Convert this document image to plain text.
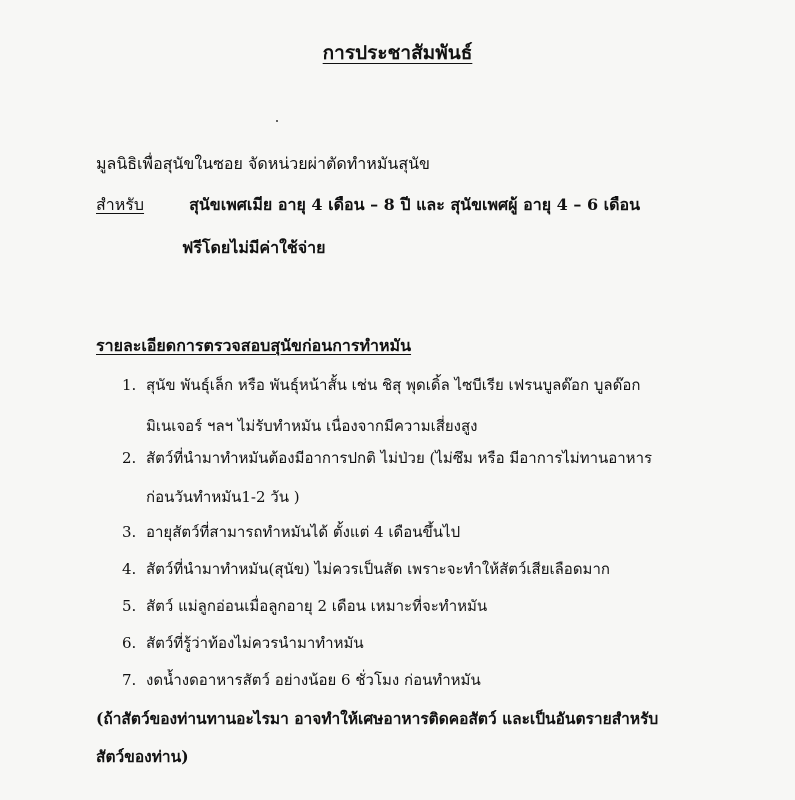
การประชาสัมพันธ์
มูลนิธิเพื่อสุนัขในซอย จัดหน่วยผ่าตัดทำหมันสุนัข
สำหรับ	สุนัขเพศเมีย อายุ 4 เดือน – 8 ปี และ สุนัขเพศผู้ อายุ 4 – 6 เดือน
ฟรีโดยไม่มีค่าใช้จ่าย
รายละเอียดการตรวจสอบสุนัขก่อนการทำหมัน
1. สุนัข พันธุ์เล็ก หรือ พันธุ์หน้าสั้น เช่น ชิสุ พุดเดิ้ล ไซบีเรีย เฟรนบูลด๊อก บูลด๊อก
มิเนเจอร์ ฯลฯ ไม่รับทำหมัน เนื่องจากมีความเสี่ยงสูง
2. สัตว์ที่นำมาทำหมันต้องมีอาการปกติ ไม่ป่วย (ไม่ซึม หรือ มีอาการไม่ทานอาหาร
ก่อนวันทำหมัน1-2 วัน )
3. อายุสัตว์ที่สามารถทำหมันได้ ตั้งแต่ 4 เดือนขึ้นไป
4. สัตว์ที่นำมาทำหมัน(สุนัข) ไม่ควรเป็นสัด เพราะจะทำให้สัตว์เสียเลือดมาก
5. สัตว์ แม่ลูกอ่อนเมื่อลูกอายุ 2 เดือน เหมาะที่จะทำหมัน
6. สัตว์ที่รู้ว่าท้องไม่ควรนำมาทำหมัน
7. งดน้ำงดอาหารสัตว์ อย่างน้อย 6 ชั่วโมง ก่อนทำหมัน
(ถ้าสัตว์ของท่านทานอะไรมา อาจทำให้เศษอาหารติดคอสัตว์ และเป็นอันตรายสำหรับ
สัตว์ของท่าน)
